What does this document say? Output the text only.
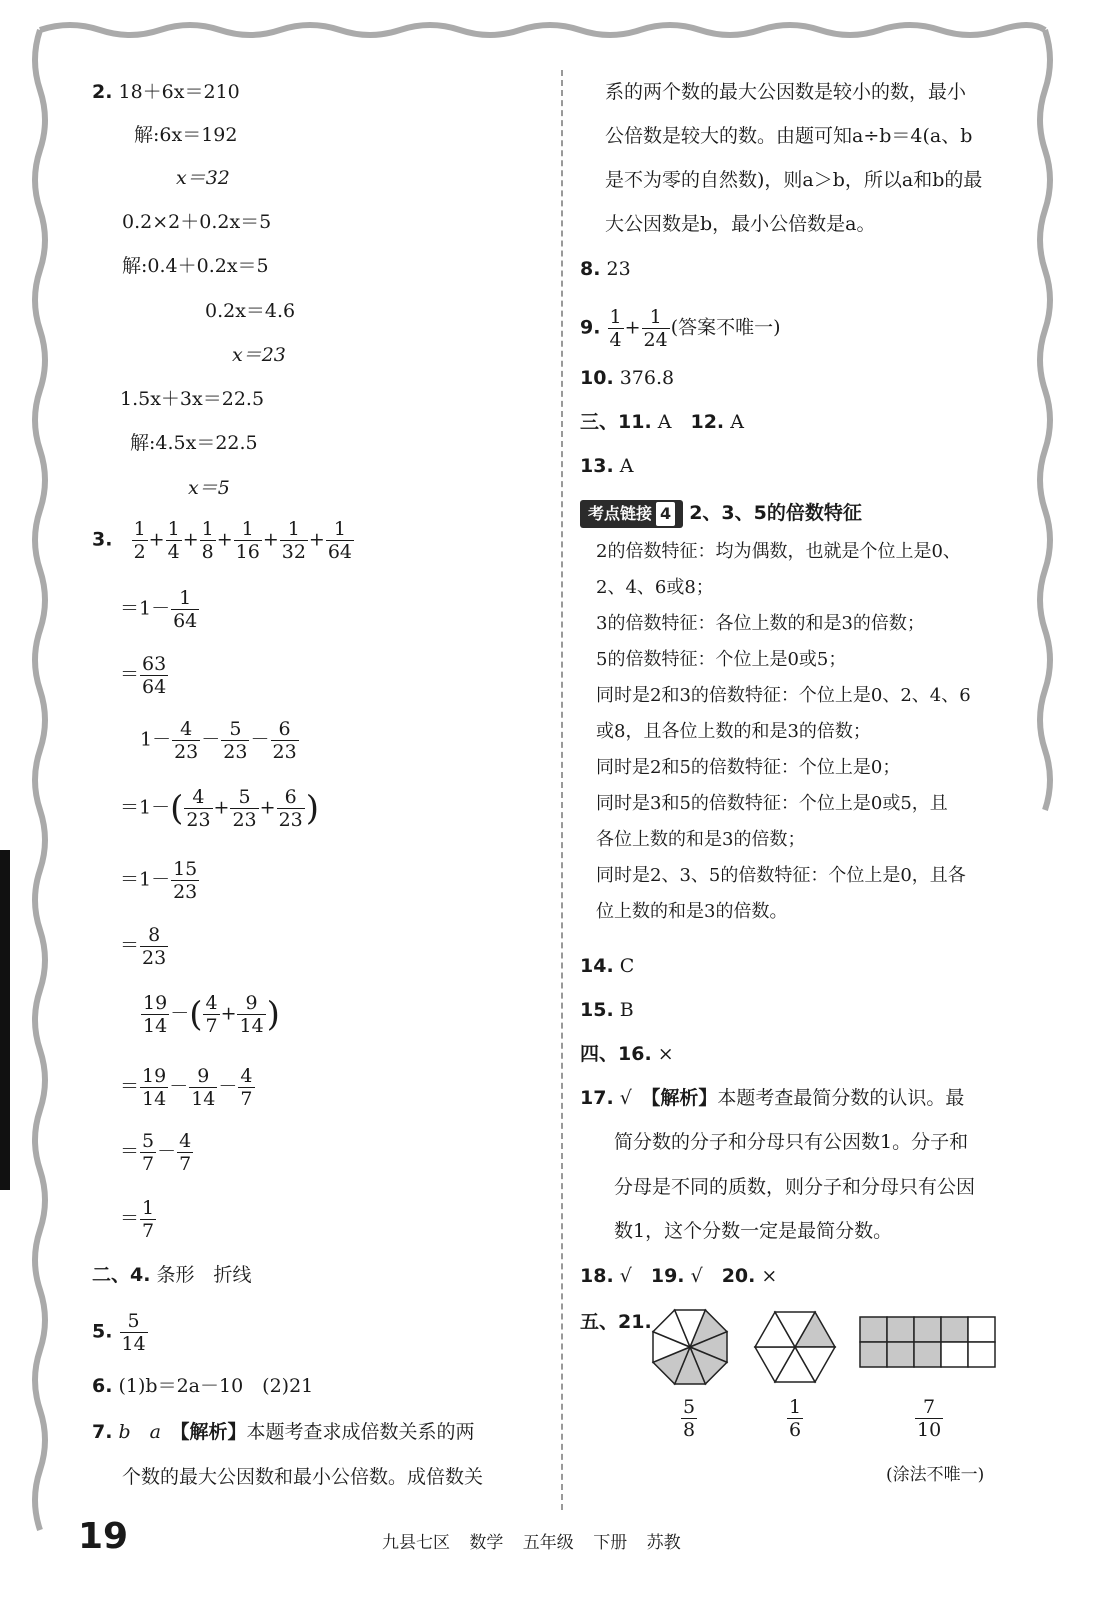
2. 18＋6x＝210
解:6x＝192
x＝32
0.2×2＋0.2x＝5
解:0.4＋0.2x＝5
0.2x＝4.6
x＝23
1.5x＋3x＝22.5
解:4.5x＝22.5
x＝5
3. $\frac{1}{2} + \frac{1}{4} + \frac{1}{8} + \frac{1}{16} + \frac{1}{32} + \frac{1}{64}$
$=1- \frac{1}{64}$
＝ $\frac{63}{64}$
$1- \frac{4}{23} - \frac{5}{23} - \frac{6}{23}$
$=1-( \frac{4}{23} + \frac{5}{23} + \frac{6}{23}$ )
$=1- \frac{15}{23}$
＝ $\frac{8}{23}$
$\frac{19}{14}$ －( $\frac{4}{7} + \frac{9}{14}$ )
＝ $\frac{19}{14} - \frac{9}{14} - \frac{4}{7}$
＝ $\frac{5}{7} - \frac{4}{7}$
＝ $\frac{1}{7}$
二、4. 条形　折线
5. $\frac{5}{14}$
6. (1)b＝2a－10　(2)21
7. b　a　 【解析】本题考查求成倍数关系的两
个数的最大公因数和最小公倍数。成倍数关
系的两个数的最大公因数是较小的数，最小
公倍数是较大的数。由题可知a÷b＝4(a、b
是不为零的自然数)，则a＞b，所以a和b的最
大公因数是b，最小公倍数是a。
8. 23
9. $\frac{1}{4} + \frac{1}{24}$ (答案不唯一)
10. 376.8
三、11. A　 12. A
13. A
考点链接 4 2、3、5的倍数特征
2的倍数特征：均为偶数，也就是个位上是0、
2、4、6或8；
3的倍数特征：各位上数的和是3的倍数；
5的倍数特征：个位上是0或5；
同时是2和3的倍数特征：个位上是0、2、4、6
或8，且各位上数的和是3的倍数；
同时是2和5的倍数特征：个位上是0；
同时是3和5的倍数特征：个位上是0或5，且
各位上数的和是3的倍数；
同时是2、3、5的倍数特征：个位上是0，且各
位上数的和是3的倍数。
14. C
15. B
四、16. ×
17. √　 【解析】本题考查最简分数的认识。最
简分数的分子和分母只有公因数1。分子和
分母是不同的质数，则分子和分母只有公因
数1，这个分数一定是最简分数。
18. √　 19. √　 20. ×
五、21.
$\frac{5}{8}$	$\frac{1}{6}$	$\frac{7}{10}$
(涂法不唯一)
19	九县七区 数学 五年级 下册 苏教
